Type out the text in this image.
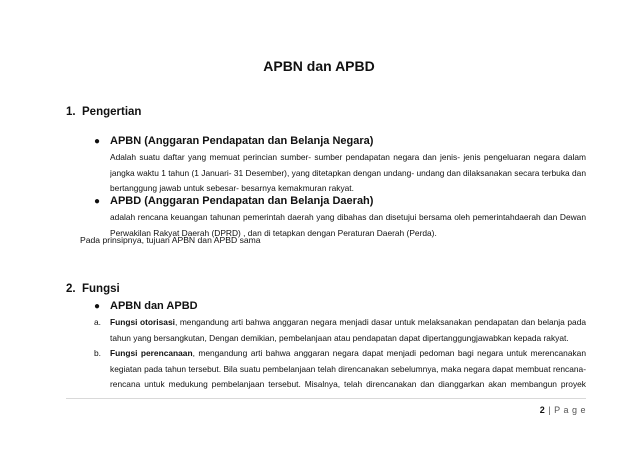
APBN dan APBD
1. Pengertian
● APBN (Anggaran Pendapatan dan Belanja Negara)
Adalah suatu daftar yang memuat perincian sumber- sumber pendapatan negara dan jenis- jenis pengeluaran negara dalam
jangka waktu 1 tahun (1 Januari- 31 Desember), yang ditetapkan dengan undang- undang dan dilaksanakan secara terbuka dan
bertanggung jawab untuk sebesar- besarnya kemakmuran rakyat.
● APBD (Anggaran Pendapatan dan Belanja Daerah)
adalah rencana keuangan tahunan pemerintah daerah yang dibahas dan disetujui bersama oleh pemerintahdaerah dan Dewan
Perwakilan Rakyat Daerah (DPRD) , dan di tetapkan dengan Peraturan Daerah (Perda).
Pada prinsipnya, tujuan APBN dan APBD sama
2. Fungsi
● APBN dan APBD
a.	Fungsi otorisasi, mengandung arti bahwa anggaran negara menjadi dasar untuk melaksanakan pendapatan dan belanja pada
tahun yang bersangkutan, Dengan demikian, pembelanjaan atau pendapatan dapat dipertanggungjawabkan kepada rakyat.
b.	Fungsi perencanaan, mengandung arti bahwa anggaran negara dapat menjadi pedoman bagi negara untuk merencanakan
kegiatan pada tahun tersebut. Bila suatu pembelanjaan telah direncanakan sebelumnya, maka negara dapat membuat rencana-
rencana untuk medukung pembelanjaan tersebut. Misalnya, telah direncanakan dan dianggarkan akan membangun proyek
2 | P a g e
